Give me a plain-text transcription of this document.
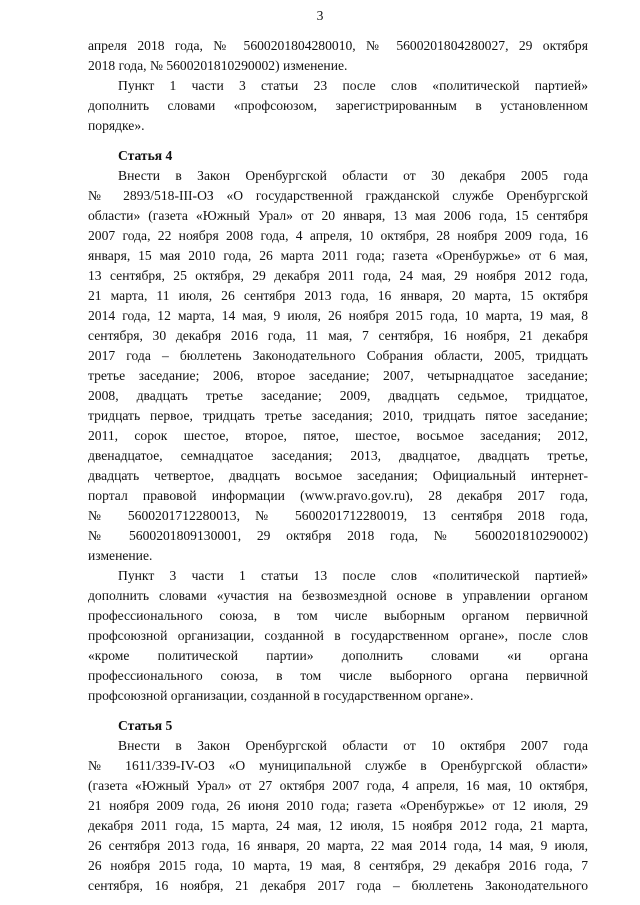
3
апреля 2018 года, № 5600201804280010, № 5600201804280027, 29 октября
2018 года, № 5600201810290002) изменение.
Пункт 1 части 3 статьи 23 после слов «политической партией»
дополнить словами «профсоюзом, зарегистрированным в установленном
порядке».
Статья 4
Внести в Закон Оренбургской области от 30 декабря 2005 года
№ 2893/518-III-ОЗ «О государственной гражданской службе Оренбургской
области» (газета «Южный Урал» от 20 января, 13 мая 2006 года, 15 сентября
2007 года, 22 ноября 2008 года, 4 апреля, 10 октября, 28 ноября 2009 года, 16
января, 15 мая 2010 года, 26 марта 2011 года; газета «Оренбуржье» от 6 мая,
13 сентября, 25 октября, 29 декабря 2011 года, 24 мая, 29 ноября 2012 года,
21 марта, 11 июля, 26 сентября 2013 года, 16 января, 20 марта, 15 октября
2014 года, 12 марта, 14 мая, 9 июля, 26 ноября 2015 года, 10 марта, 19 мая, 8
сентября, 30 декабря 2016 года, 11 мая, 7 сентября, 16 ноября, 21 декабря
2017 года – бюллетень Законодательного Собрания области, 2005, тридцать
третье заседание; 2006, второе заседание; 2007, четырнадцатое заседание;
2008, двадцать третье заседание; 2009, двадцать седьмое, тридцатое,
тридцать первое, тридцать третье заседания; 2010, тридцать пятое заседание;
2011, сорок шестое, второе, пятое, шестое, восьмое заседания; 2012,
двенадцатое, семнадцатое заседания; 2013, двадцатое, двадцать третье,
двадцать четвертое, двадцать восьмое заседания; Официальный интернет-
портал правовой информации (www.pravo.gov.ru), 28 декабря 2017 года,
№ 5600201712280013, № 5600201712280019, 13 сентября 2018 года,
№ 5600201809130001, 29 октября 2018 года, № 5600201810290002)
изменение.
Пункт 3 части 1 статьи 13 после слов «политической партией»
дополнить словами «участия на безвозмездной основе в управлении органом
профессионального союза, в том числе выборным органом первичной
профсоюзной организации, созданной в государственном органе», после слов
«кроме политической партии» дополнить словами «и органа
профессионального союза, в том числе выборного органа первичной
профсоюзной организации, созданной в государственном органе».
Статья 5
Внести в Закон Оренбургской области от 10 октября 2007 года
№ 1611/339-IV-ОЗ «О муниципальной службе в Оренбургской области»
(газета «Южный Урал» от 27 октября 2007 года, 4 апреля, 16 мая, 10 октября,
21 ноября 2009 года, 26 июня 2010 года; газета «Оренбуржье» от 12 июля, 29
декабря 2011 года, 15 марта, 24 мая, 12 июля, 15 ноября 2012 года, 21 марта,
26 сентября 2013 года, 16 января, 20 марта, 22 мая 2014 года, 14 мая, 9 июля,
26 ноября 2015 года, 10 марта, 19 мая, 8 сентября, 29 декабря 2016 года, 7
сентября, 16 ноября, 21 декабря 2017 года – бюллетень Законодательного
